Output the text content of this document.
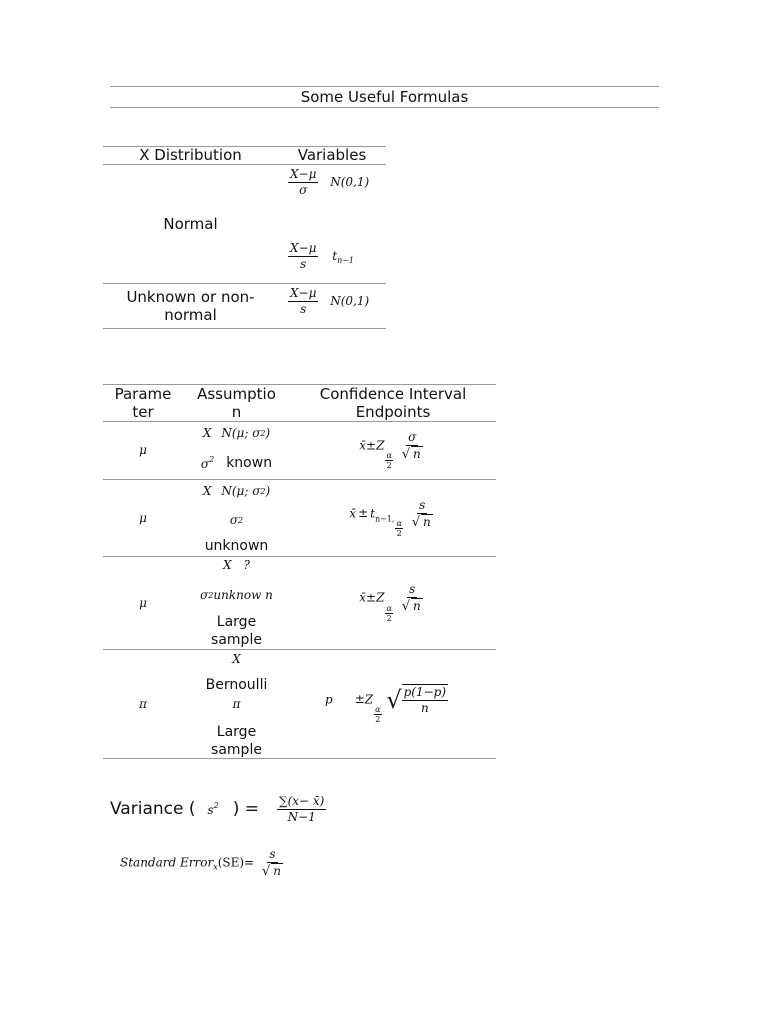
Some Useful Formulas
X Distribution	Variables
Normal
$\frac{X-\mu}{\sigma} N(0,1)$
$\frac{X-\mu}{s} t_{n-1}$
Unknown or non-
normal	$\frac{X-\mu}{s} N(0,1)$
Parame
ter
Assumptio
n
Confidence Interval
Endpoints
μ
X N(μ; σ 2 )
$\sigma^2$ known
x̄±Z
$\frac{\alpha}{2}$
$\frac{\sigma}{√ n}$
μ
X N(μ; σ 2 )
σ 2
unknown
x̄ ± $t_{n-1,}$
$\frac{\alpha}{2}$
$\frac{s}{√ n}$
μ
X ?
σ 2 unknow n
Large
sample
x̄±Z
$\frac{\alpha}{2}$
$\frac{s}{√ n}$
π
X
Bernoulli
π
Large
sample
p ±Z
$\frac{\alpha}{2}$
√ $\frac{p(1-p)}{n}$
Variance ( $s^2$ ) = $\frac{\sum(x- x̄)}{N-1}$
Standard Error$_x$(SE)= $\frac{s}{√ n}$
